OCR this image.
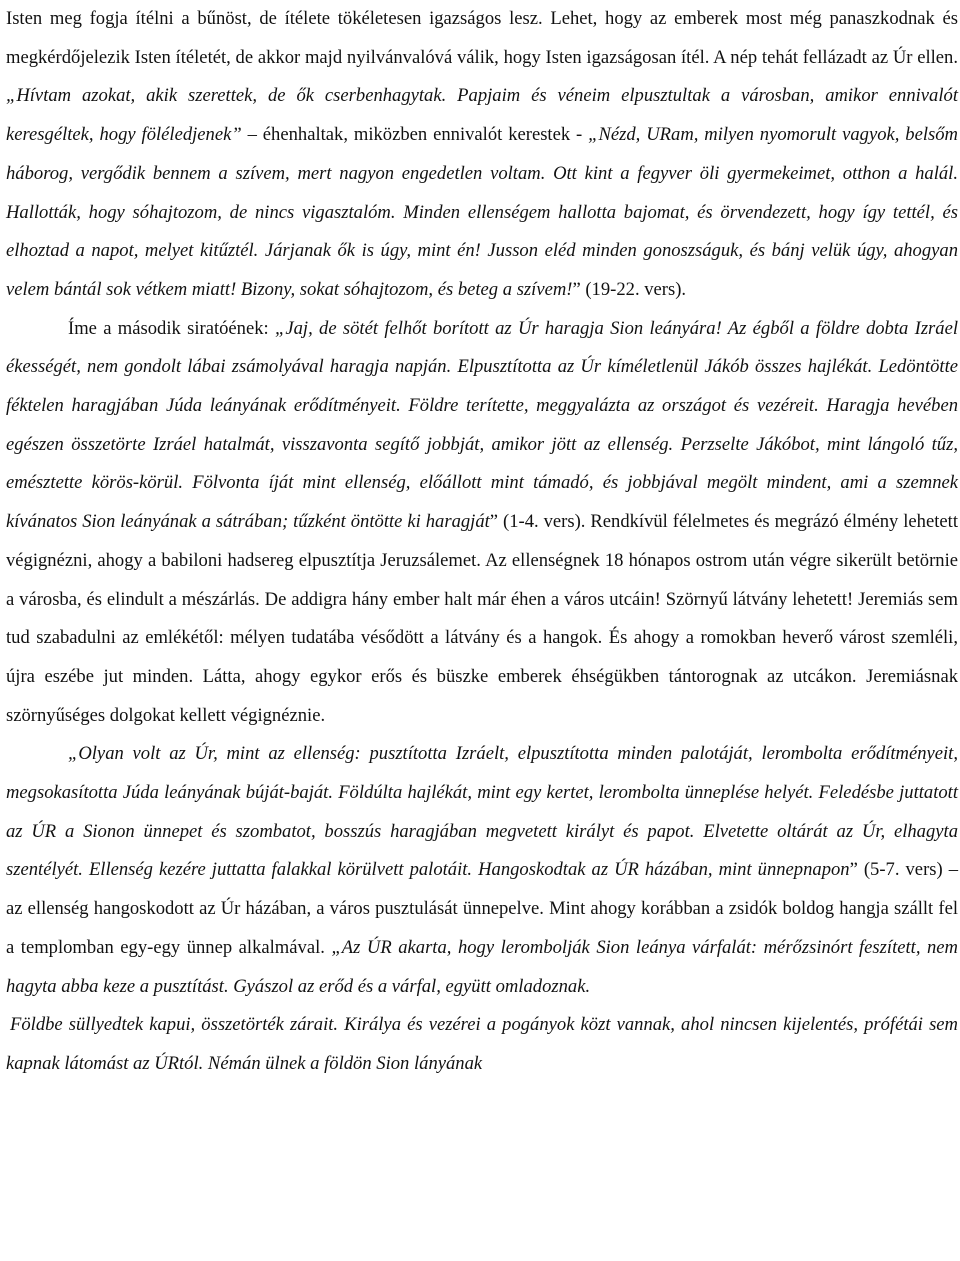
Isten meg fogja ítélni a bűnöst, de ítélete tökéletesen igazságos lesz. Lehet, hogy az emberek most még panaszkodnak és megkérdőjelezik Isten ítéletét, de akkor majd nyilvánvalóvá válik, hogy Isten igazságosan ítél. A nép tehát fellázadt az Úr ellen. „Hívtam azokat, akik szerettek, de ők cserbenhagytak. Papjaim és véneim elpusztultak a városban, amikor ennivalót keresgéltek, hogy föléledjenek” – éhenhaltak, miközben ennivalót kerestek - „Nézd, URam, milyen nyomorult vagyok, belsőm háborog, vergődik bennem a szívem, mert nagyon engedetlen voltam. Ott kint a fegyver öli gyermekeimet, otthon a halál. Hallották, hogy sóhajtozom, de nincs vigasztalóm. Minden ellenségem hallotta bajomat, és örvendezett, hogy így tettél, és elhoztad a napot, melyet kitűztél. Járjanak ők is úgy, mint én! Jusson eléd minden gonoszságuk, és bánj velük úgy, ahogyan velem bántál sok vétkem miatt! Bizony, sokat sóhajtozom, és beteg a szívem!” (19-22. vers).

Íme a második siratóének: „Jaj, de sötét felhőt borított az Úr haragja Sion leányára! Az égből a földre dobta Izráel ékességét, nem gondolt lábai zsámolyával haragja napján. Elpusztította az Úr kíméletlenül Jákób összes hajlékát. Ledöntötte féktelen haragjában Júda leányának erődítményeit. Földre terítette, meggyalázta az országot és vezéreit. Haragja hevében egészen összetörte Izráel hatalmát, visszavonta segítő jobbját, amikor jött az ellenség. Perzselte Jákóbot, mint lángoló tűz, emésztette körös-körül. Fölvonta íját mint ellenség, előállott mint támadó, és jobbjával megölt mindent, ami a szemnek kívánatos Sion leányának a sátrában; tűzként öntötte ki haragját” (1-4. vers). Rendkívül félelmetes és megrázó élmény lehetett végignézni, ahogy a babiloni hadsereg elpusztítja Jeruzsálemet. Az ellenségnek 18 hónapos ostrom után végre sikerült betörnie a városba, és elindult a mészárlás. De addigra hány ember halt már éhen a város utcáin! Szörnyű látvány lehetett! Jeremiás sem tud szabadulni az emlékétől: mélyen tudatába vésődött a látvány és a hangok. És ahogy a romokban heverő várost szemléli, újra eszébe jut minden. Látta, ahogy egykor erős és büszke emberek éhségükben tántorognak az utcákon. Jeremiásnak szörnyűséges dolgokat kellett végignéznie.

„Olyan volt az Úr, mint az ellenség: pusztította Izráelt, elpusztította minden palotáját, lerombolta erődítményeit, megsokasította Júda leányának búját-baját. Földúlta hajlékát, mint egy kertet, lerombolta ünneplése helyét. Feledésbe juttatott az ÚR a Sionon ünnepet és szombatot, bosszús haragjában megvetett királyt és papot. Elvetette oltárát az Úr, elhagyta szentélyét. Ellenség kezére juttatta falakkal körülvett palotáit. Hangoskodtak az ÚR házában, mint ünnepnapon” (5-7. vers) – az ellenség hangoskodott az Úr házában, a város pusztulását ünnepelve. Mint ahogy korábban a zsidók boldog hangja szállt fel a templomban egy-egy ünnep alkalmával. „Az ÚR akarta, hogy lerombolják Sion leánya várfalát: mérőzsinórt feszített, nem hagyta abba keze a pusztítást. Gyászol az erőd és a várfal, együtt omladoznak.

Földbe süllyedtek kapui, összetörték zárait. Királya és vezérei a pogányok közt vannak, ahol nincsen kijelentés, prófétái sem kapnak látomást az ÚRtól. Némán ülnek a földön Sion lányának
